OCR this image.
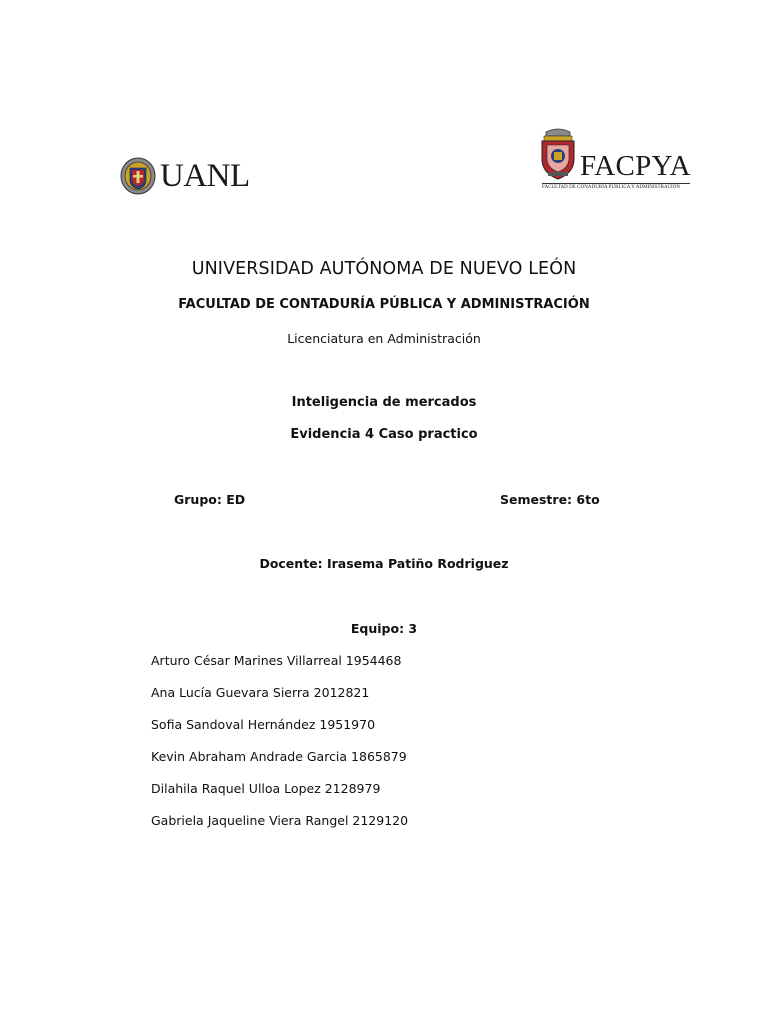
UANL	FACPYA
FACULTAD DE CONADURÍA PÚBLICA Y ADMINISTRACIÓN
UNIVERSIDAD AUTÓNOMA DE NUEVO LEÓN
FACULTAD DE CONTADURÍA PÚBLICA Y ADMINISTRACIÓN
Licenciatura en Administración
Inteligencia de mercados
Evidencia 4 Caso practico
Grupo: ED	Semestre: 6to
Docente: Irasema Patiño Rodriguez
Equipo: 3
Arturo César Marines Villarreal 1954468
Ana Lucía Guevara Sierra 2012821
Sofia Sandoval Hernández 1951970
Kevin Abraham Andrade Garcia 1865879
Dilahila Raquel Ulloa Lopez 2128979
Gabriela Jaqueline Viera Rangel 2129120
